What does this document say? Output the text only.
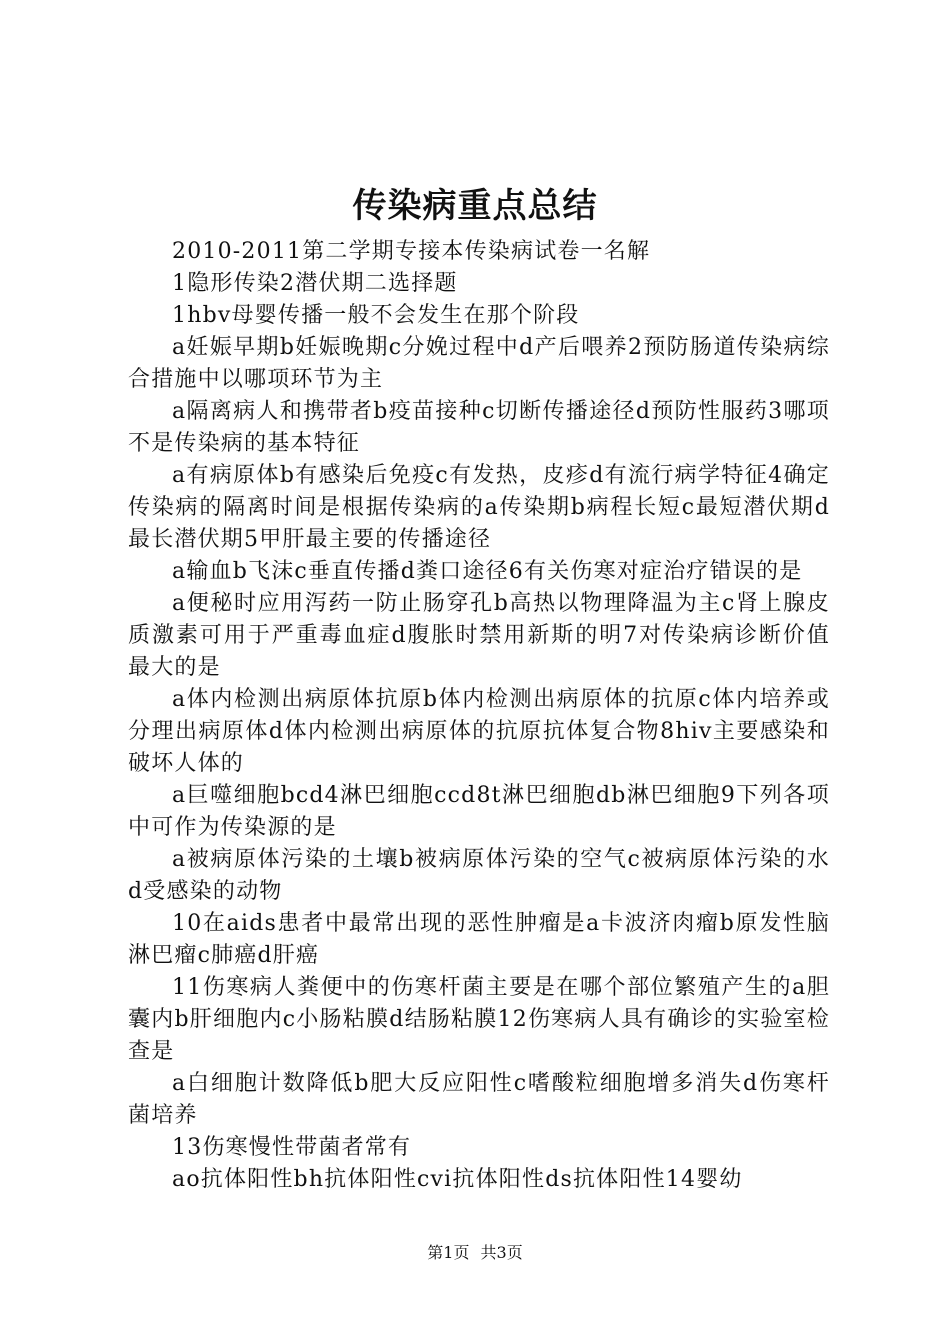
传染病重点总结

2010-2011第二学期专接本传染病试卷一名解

1隐形传染2潜伏期二选择题

1hbv母婴传播一般不会发生在那个阶段

a妊娠早期b妊娠晚期c分娩过程中d产后喂养2预防肠道传染病综合措施中以哪项环节为主

a隔离病人和携带者b疫苗接种c切断传播途径d预防性服药3哪项不是传染病的基本特征

a有病原体b有感染后免疫c有发热，皮疹d有流行病学特征4确定传染病的隔离时间是根据传染病的a传染期b病程长短c最短潜伏期d最长潜伏期5甲肝最主要的传播途径

a输血b飞沫c垂直传播d粪口途径6有关伤寒对症治疗错误的是

a便秘时应用泻药一防止肠穿孔b高热以物理降温为主c肾上腺皮质激素可用于严重毒血症d腹胀时禁用新斯的明7对传染病诊断价值最大的是

a体内检测出病原体抗原b体内检测出病原体的抗原c体内培养或分理出病原体d体内检测出病原体的抗原抗体复合物8hiv主要感染和破坏人体的

a巨噬细胞bcd4淋巴细胞ccd8t淋巴细胞db淋巴细胞9下列各项中可作为传染源的是

a被病原体污染的土壤b被病原体污染的空气c被病原体污染的水d受感染的动物

10在aids患者中最常出现的恶性肿瘤是a卡波济肉瘤b原发性脑淋巴瘤c肺癌d肝癌

11伤寒病人粪便中的伤寒杆菌主要是在哪个部位繁殖产生的a胆囊内b肝细胞内c小肠粘膜d结肠粘膜12伤寒病人具有确诊的实验室检查是

a白细胞计数降低b肥大反应阳性c嗜酸粒细胞增多消失d伤寒杆菌培养

13伤寒慢性带菌者常有

ao抗体阳性bh抗体阳性cvi抗体阳性ds抗体阳性14婴幼

第1页 共3页
